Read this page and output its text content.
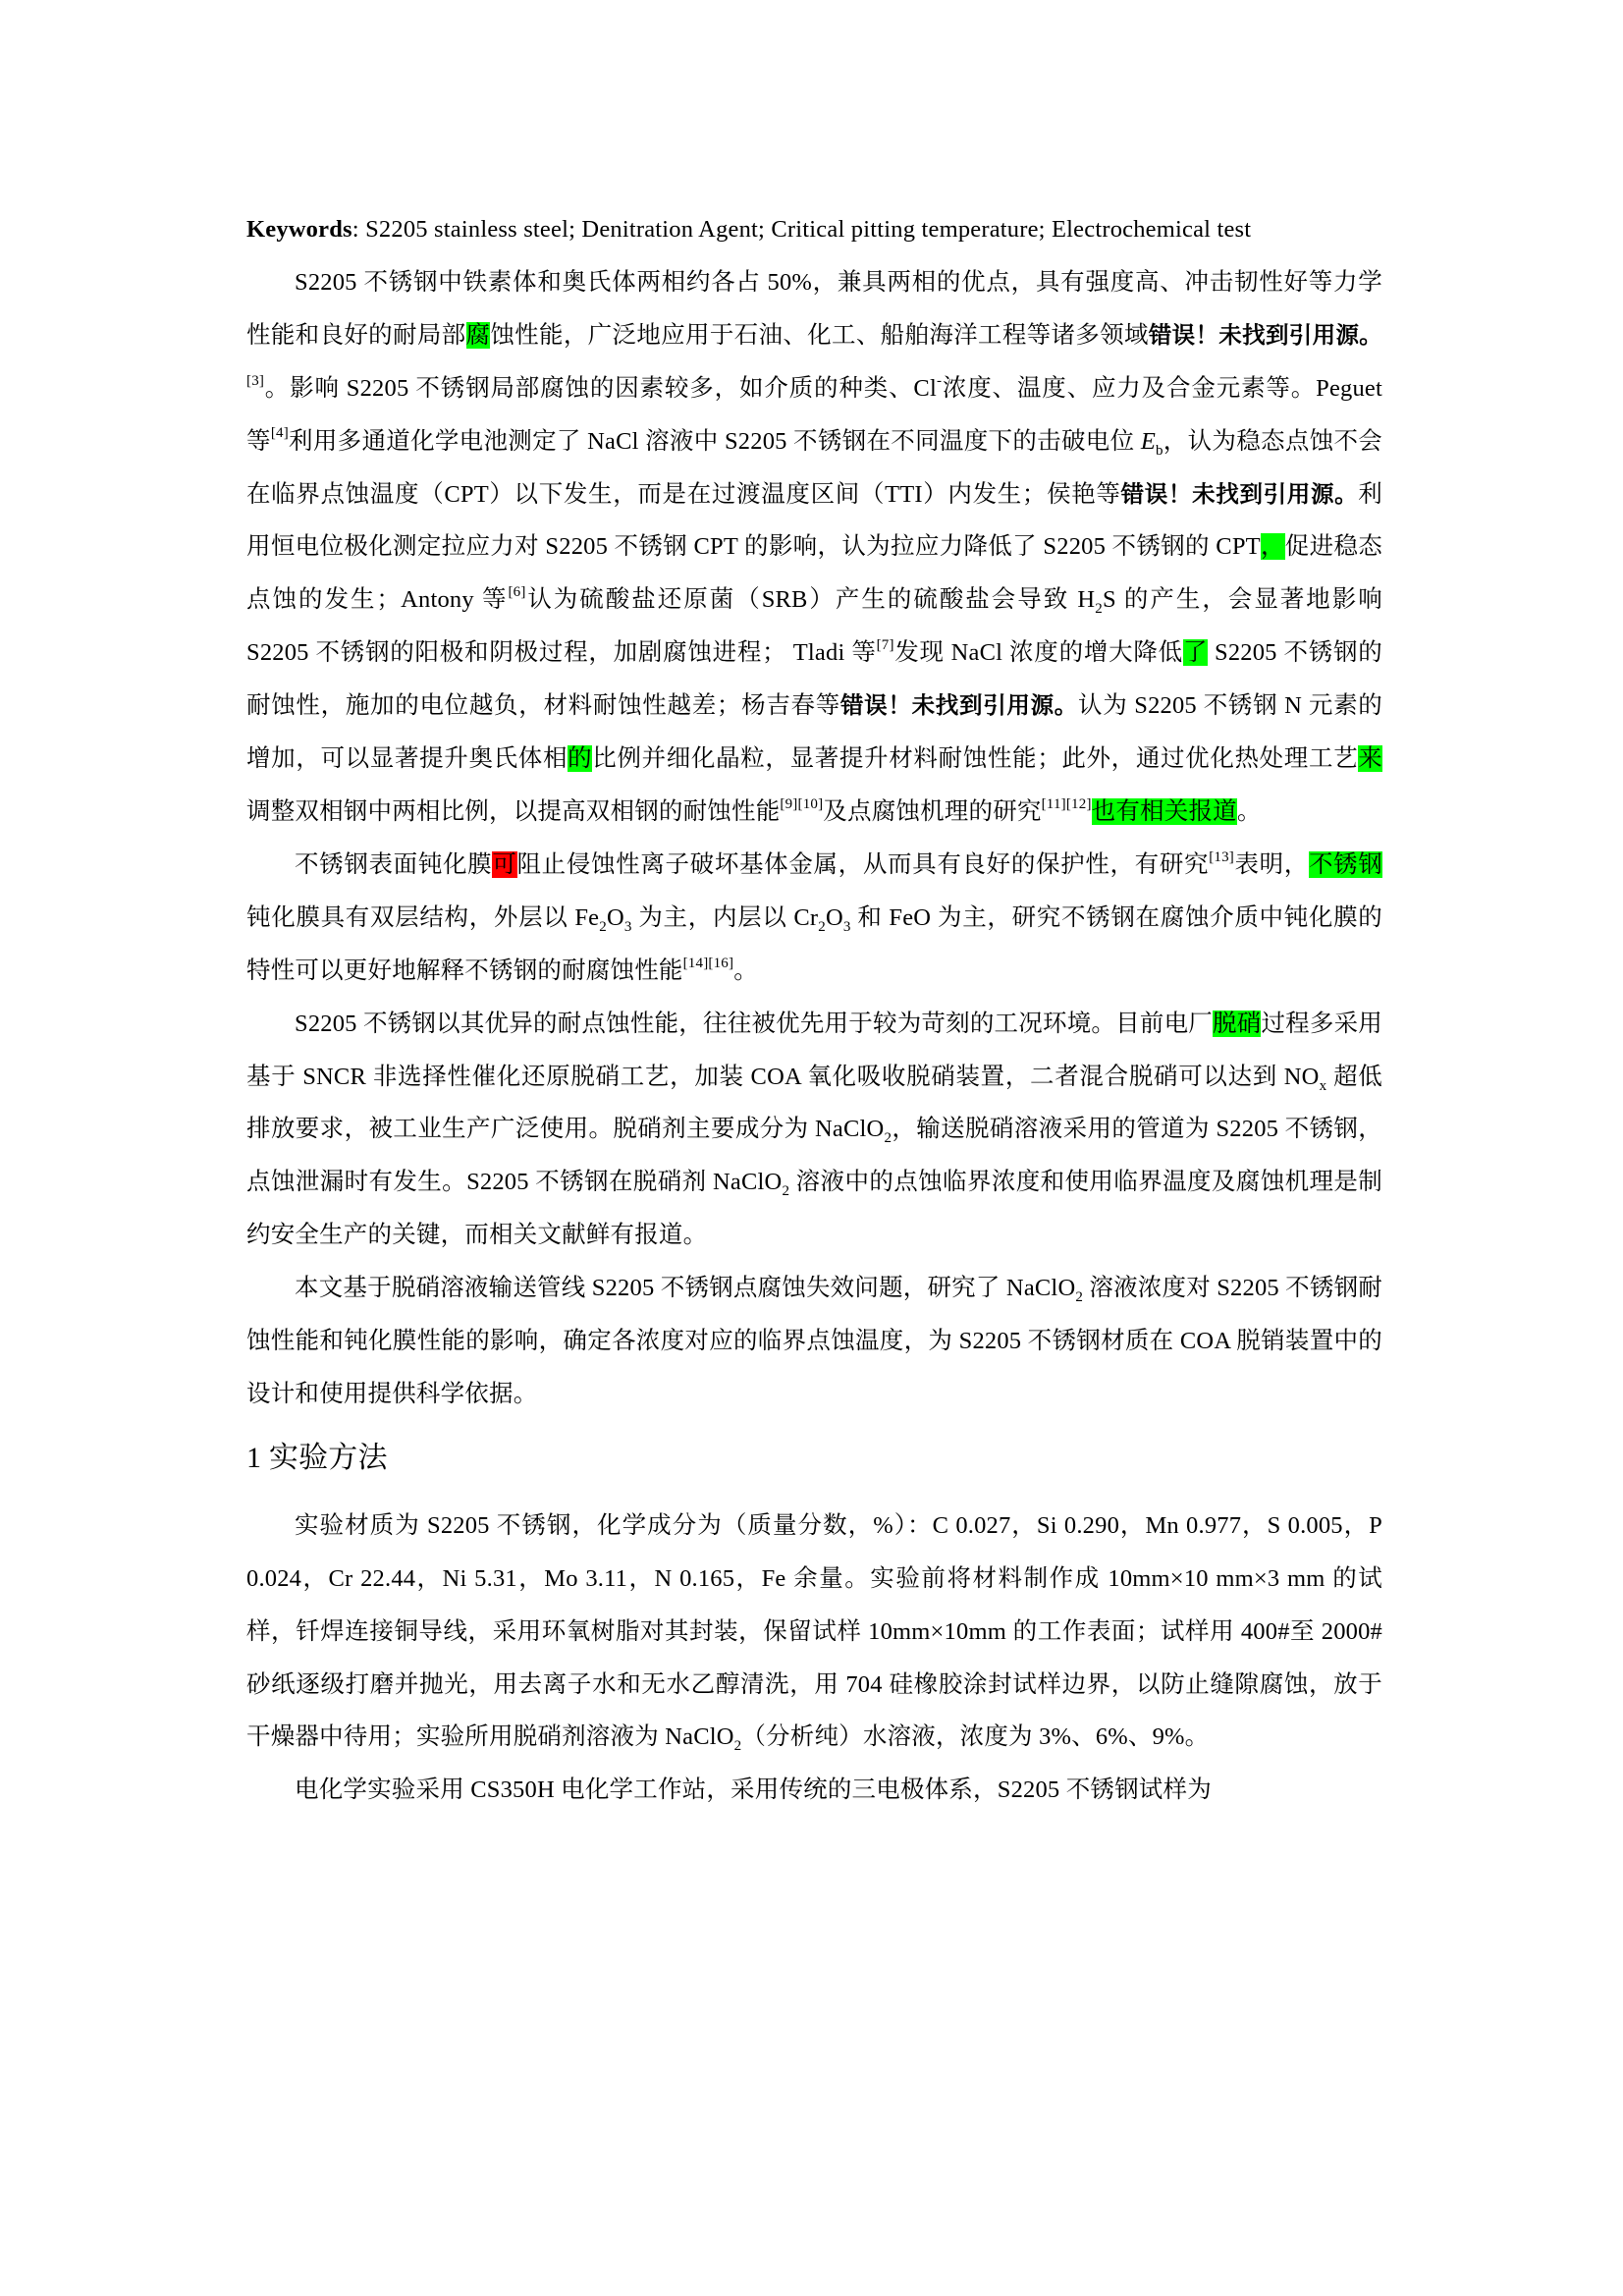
Keywords: S2205 stainless steel; Denitration Agent; Critical pitting temperature; Electrochemical test

S2205 不锈钢中铁素体和奥氏体两相约各占 50%，兼具两相的优点，具有强度高、冲击韧性好等力学性能和良好的耐局部腐蚀性能，广泛地应用于石油、化工、船舶海洋工程等诸多领域错误！未找到引用源。[3]。影响 S2205 不锈钢局部腐蚀的因素较多，如介质的种类、Cl-浓度、温度、应力及合金元素等。Peguet 等[4]利用多通道化学电池测定了 NaCl 溶液中 S2205 不锈钢在不同温度下的击破电位 $E_b$，认为稳态点蚀不会在临界点蚀温度（CPT）以下发生，而是在过渡温度区间（TTI）内发生；侯艳等错误！未找到引用源。利用恒电位极化测定拉应力对 S2205 不锈钢 CPT 的影响，认为拉应力降低了 S2205 不锈钢的 CPT，促进稳态点蚀的发生；Antony 等[6]认为硫酸盐还原菌（SRB）产生的硫酸盐会导致 $H_2S$ 的产生，会显著地影响 S2205 不锈钢的阳极和阴极过程，加剧腐蚀进程； Tladi 等[7]发现 NaCl 浓度的增大降低了 S2205 不锈钢的耐蚀性，施加的电位越负，材料耐蚀性越差；杨吉春等错误！未找到引用源。认为 S2205 不锈钢 N 元素的增加，可以显著提升奥氏体相的比例并细化晶粒，显著提升材料耐蚀性能；此外，通过优化热处理工艺来调整双相钢中两相比例，以提高双相钢的耐蚀性能[9][10]及点腐蚀机理的研究[11][12]也有相关报道。

不锈钢表面钝化膜可阻止侵蚀性离子破坏基体金属，从而具有良好的保护性，有研究[13]表明，不锈钢钝化膜具有双层结构，外层以 $Fe_2O_3$ 为主，内层以 $Cr_2O_3$ 和 FeO 为主，研究不锈钢在腐蚀介质中钝化膜的特性可以更好地解释不锈钢的耐腐蚀性能[14][16]。

S2205 不锈钢以其优异的耐点蚀性能，往往被优先用于较为苛刻的工况环境。目前电厂脱硝过程多采用基于 SNCR 非选择性催化还原脱硝工艺，加装 COA 氧化吸收脱硝装置，二者混合脱硝可以达到 $NO_x$ 超低排放要求，被工业生产广泛使用。脱硝剂主要成分为 NaClO$_2$，输送脱硝溶液采用的管道为 S2205 不锈钢，点蚀泄漏时有发生。S2205 不锈钢在脱硝剂 NaClO$_2$ 溶液中的点蚀临界浓度和使用临界温度及腐蚀机理是制约安全生产的关键，而相关文献鲜有报道。

本文基于脱硝溶液输送管线 S2205 不锈钢点腐蚀失效问题，研究了 NaClO$_2$ 溶液浓度对 S2205 不锈钢耐蚀性能和钝化膜性能的影响，确定各浓度对应的临界点蚀温度，为 S2205 不锈钢材质在 COA 脱销装置中的设计和使用提供科学依据。

1 实验方法

实验材质为 S2205 不锈钢，化学成分为（质量分数，%）：C 0.027，Si 0.290，Mn 0.977，S 0.005，P 0.024，Cr 22.44，Ni 5.31，Mo 3.11，N 0.165，Fe 余量。实验前将材料制作成 10mm×10 mm×3 mm 的试样，钎焊连接铜导线，采用环氧树脂对其封装，保留试样 10mm×10mm 的工作表面；试样用 400#至 2000#砂纸逐级打磨并抛光，用去离子水和无水乙醇清洗，用 704 硅橡胶涂封试样边界，以防止缝隙腐蚀，放于干燥器中待用；实验所用脱硝剂溶液为 NaClO$_2$（分析纯）水溶液，浓度为 3%、6%、9%。

电化学实验采用 CS350H 电化学工作站，采用传统的三电极体系，S2205 不锈钢试样为
